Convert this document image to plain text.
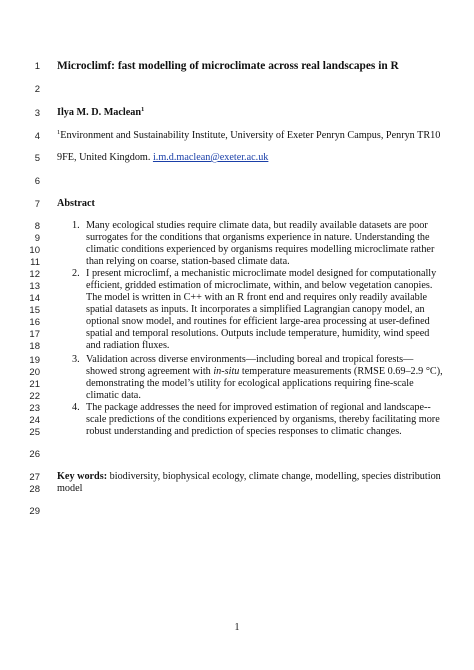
1
2
3
4
5
6
7
8
9
10
11
12
13
14
15
16
17
18
19
20
21
22
23
24
25
26
27
28
29
Microclimf: fast modelling of microclimate across real landscapes in R
Ilya M. D. Maclean$^1$
$^1$Environment and Sustainability Institute, University of Exeter Penryn Campus, Penryn TR10
9FE, United Kingdom. i.m.d.maclean@exeter.ac.uk
Abstract
1. Many ecological studies require climate data, but readily available datasets are poor
surrogates for the conditions that organisms experience in nature. Understanding the
climatic conditions experienced by organisms requires modelling microclimate rather
than relying on coarse, station-based climate data.
2. I present microclimf, a mechanistic microclimate model designed for computationally
efficient, gridded estimation of microclimate, within, and below vegetation canopies.
The model is written in C++ with an R front end and requires only readily available
spatial datasets as inputs. It incorporates a simplified Lagrangian canopy model, an
optional snow model, and routines for efficient large-area processing at user-defined
spatial and temporal resolutions. Outputs include temperature, humidity, wind speed
and radiation fluxes.
3. Validation across diverse environments—including boreal and tropical forests—
showed strong agreement with in-situ temperature measurements (RMSE 0.69–2.9 °C),
demonstrating the model’s utility for ecological applications requiring fine-scale
climatic data.
4. The package addresses the need for improved estimation of regional and landscape--
scale predictions of the conditions experienced by organisms, thereby facilitating more
robust understanding and prediction of species responses to climatic changes.
Key words: biodiversity, biophysical ecology, climate change, modelling, species distribution
model
1
